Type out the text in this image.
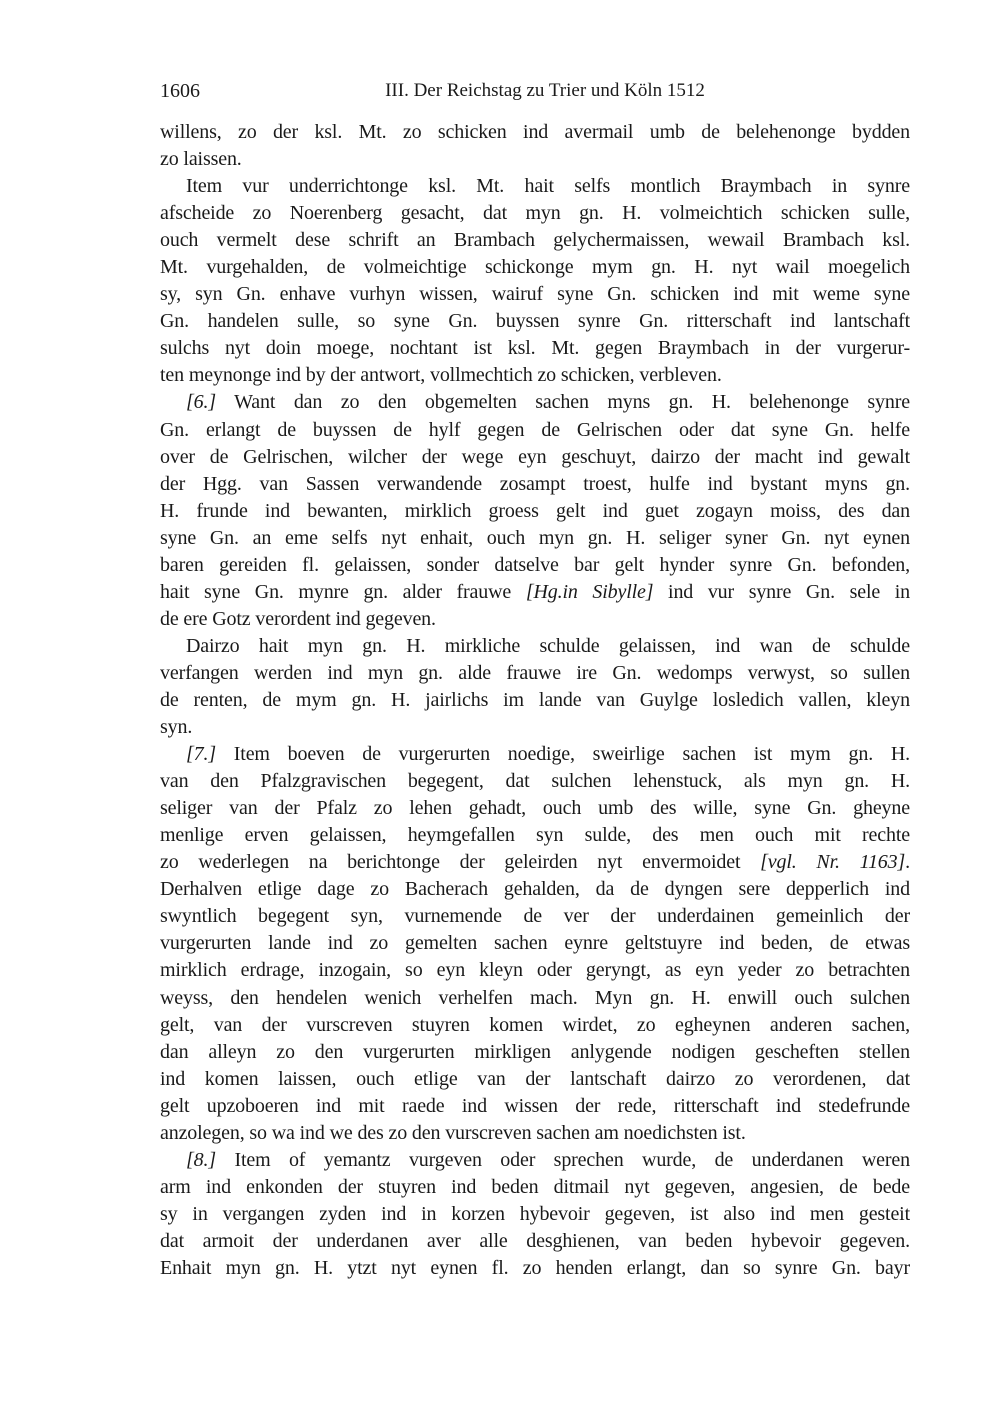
1606	III. Der Reichstag zu Trier und Köln 1512
willens, zo der ksl. Mt. zo schicken ind avermail umb de belehenonge bydden
zo laissen.
Item vur underrichtonge ksl. Mt. hait selfs montlich Braymbach in synre
afscheide zo Noerenberg gesacht, dat myn gn. H. volmeichtich schicken sulle,
ouch vermelt dese schrift an Brambach gelychermaissen, wewail Brambach ksl.
Mt. vurgehalden, de volmeichtige schickonge mym gn. H. nyt wail moegelich
sy, syn Gn. enhave vurhyn wissen, wairuf syne Gn. schicken ind mit weme syne
Gn. handelen sulle, so syne Gn. buyssen synre Gn. ritterschaft ind lantschaft
sulchs nyt doin moege, nochtant ist ksl. Mt. gegen Braymbach in der vurgerur-
ten meynonge ind by der antwort, vollmechtich zo schicken, verbleven.
[6.] Want dan zo den obgemelten sachen myns gn. H. belehenonge synre
Gn. erlangt de buyssen de hylf gegen de Gelrischen oder dat syne Gn. helfe
over de Gelrischen, wilcher der wege eyn geschuyt, dairzo der macht ind gewalt
der Hgg. van Sassen verwandende zosampt troest, hulfe ind bystant myns gn.
H. frunde ind bewanten, mirklich groess gelt ind guet zogayn moiss, des dan
syne Gn. an eme selfs nyt enhait, ouch myn gn. H. seliger syner Gn. nyt eynen
baren gereiden fl. gelaissen, sonder datselve bar gelt hynder synre Gn. befonden,
hait syne Gn. mynre gn. alder frauwe [Hg.in Sibylle] ind vur synre Gn. sele in
de ere Gotz verordent ind gegeven.
Dairzo hait myn gn. H. mirkliche schulde gelaissen, ind wan de schulde
verfangen werden ind myn gn. alde frauwe ire Gn. wedomps verwyst, so sullen
de renten, de mym gn. H. jairlichs im lande van Guylge losledich vallen, kleyn
syn.
[7.] Item boeven de vurgerurten noedige, sweirlige sachen ist mym gn. H.
van den Pfalzgravischen begegent, dat sulchen lehenstuck, als myn gn. H.
seliger van der Pfalz zo lehen gehadt, ouch umb des wille, syne Gn. gheyne
menlige erven gelaissen, heymgefallen syn sulde, des men ouch mit rechte
zo wederlegen na berichtonge der geleirden nyt envermoidet [vgl. Nr. 1163].
Derhalven etlige dage zo Bacherach gehalden, da de dyngen sere depperlich ind
swyntlich begegent syn, vurnemende de ver der underdainen gemeinlich der
vurgerurten lande ind zo gemelten sachen eynre geltstuyre ind beden, de etwas
mirklich erdrage, inzogain, so eyn kleyn oder geryngt, as eyn yeder zo betrachten
weyss, den hendelen wenich verhelfen mach. Myn gn. H. enwill ouch sulchen
gelt, van der vurscreven stuyren komen wirdet, zo egheynen anderen sachen,
dan alleyn zo den vurgerurten mirkligen anlygende nodigen gescheften stellen
ind komen laissen, ouch etlige van der lantschaft dairzo zo verordenen, dat
gelt upzoboeren ind mit raede ind wissen der rede, ritterschaft ind stedefrunde
anzolegen, so wa ind we des zo den vurscreven sachen am noedichsten ist.
[8.] Item of yemantz vurgeven oder sprechen wurde, de underdanen weren
arm ind enkonden der stuyren ind beden ditmail nyt gegeven, angesien, de bede
sy in vergangen zyden ind in korzen hybevoir gegeven, ist also ind men gesteit
dat armoit der underdanen aver alle desghienen, van beden hybevoir gegeven.
Enhait myn gn. H. ytzt nyt eynen fl. zo henden erlangt, dan so synre Gn. bayr
